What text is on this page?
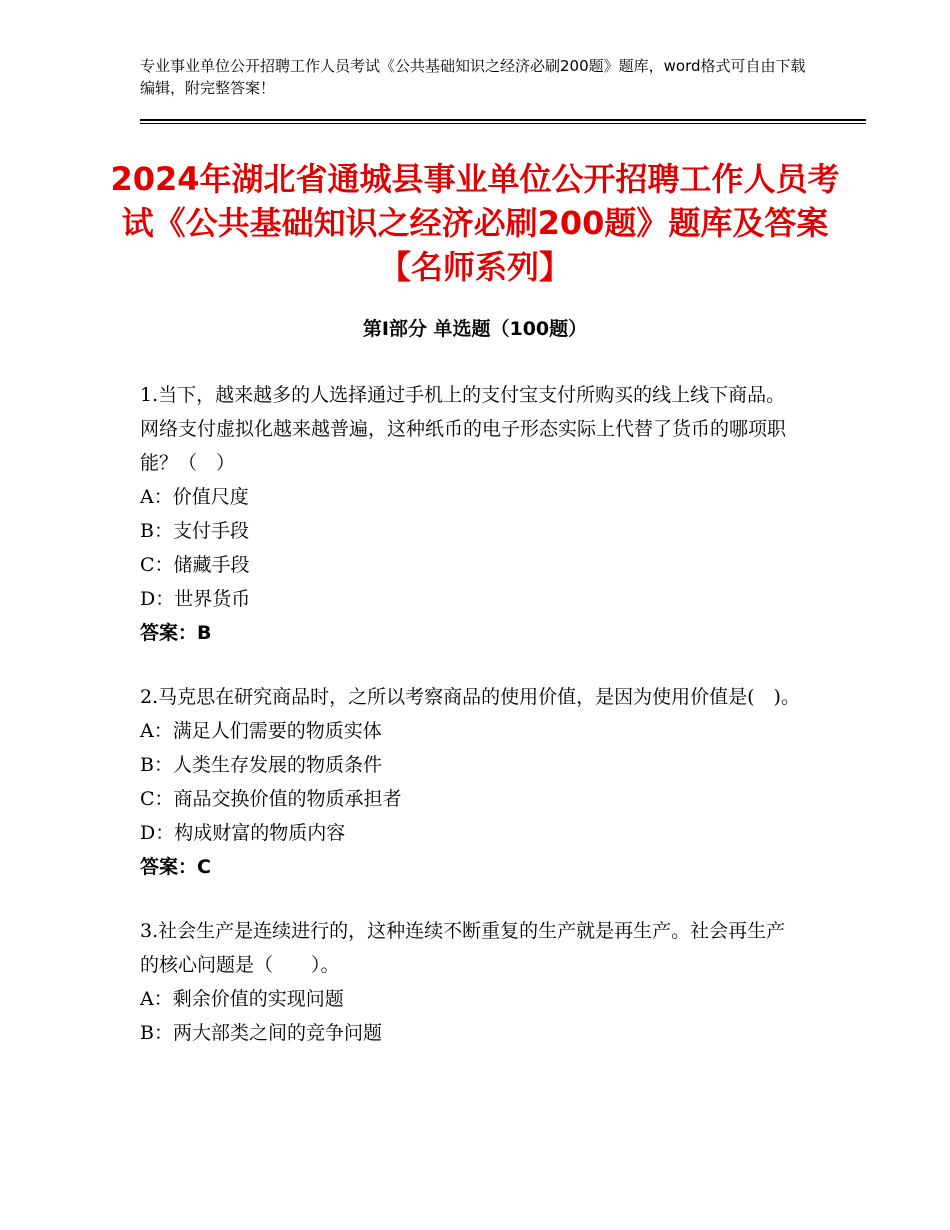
专业事业单位公开招聘工作人员考试《公共基础知识之经济必刷200题》题库，word格式可自由下载编辑，附完整答案！
2024年湖北省通城县事业单位公开招聘工作人员考试《公共基础知识之经济必刷200题》题库及答案【名师系列】
第Ⅰ部分 单选题（100题）
1.当下，越来越多的人选择通过手机上的支付宝支付所购买的线上线下商品。网络支付虚拟化越来越普遍，这种纸币的电子形态实际上代替了货币的哪项职能？（　）
A：价值尺度
B：支付手段
C：储藏手段
D：世界货币
答案：B
2.马克思在研究商品时，之所以考察商品的使用价值，是因为使用价值是(　)。
A：满足人们需要的物质实体
B：人类生存发展的物质条件
C：商品交换价值的物质承担者
D：构成财富的物质内容
答案：C
3.社会生产是连续进行的，这种连续不断重复的生产就是再生产。社会再生产的核心问题是（　　）。
A：剩余价值的实现问题
B：两大部类之间的竞争问题
